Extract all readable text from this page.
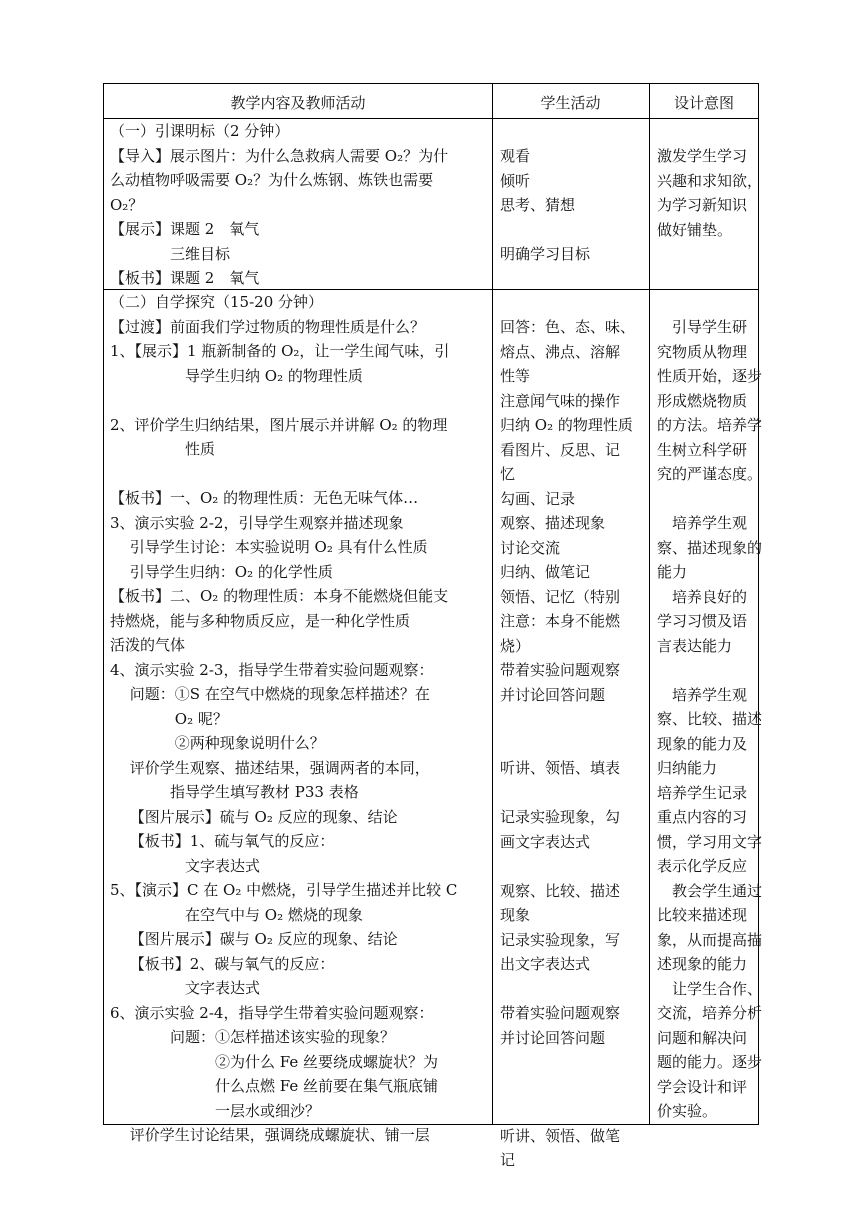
教学内容及教师活动	学生活动	设计意图
（一）引课明标（2 分钟）
【导入】展示图片：为什么急救病人需要 O₂？为什
么动植物呼吸需要 O₂？为什么炼钢、炼铁也需要
O₂？
【展示】课题 2　氧气
　　　　三维目标
【板书】课题 2　氧气
观看
倾听
思考、猜想
明确学习目标
激发学生学习
兴趣和求知欲，
为学习新知识
做好铺垫。
（二）自学探究（15-20 分钟）
【过渡】前面我们学过物质的物理性质是什么？
1、【展示】1 瓶新制备的 O₂，让一学生闻气味，引
　　　　　导学生归纳 O₂ 的物理性质
2、评价学生归纳结果，图片展示并讲解 O₂ 的物理
　　　　　性质
【板书】一、O₂ 的物理性质：无色无味气体…
3、演示实验 2-2，引导学生观察并描述现象
　 引导学生讨论：本实验说明 O₂ 具有什么性质
　 引导学生归纳：O₂ 的化学性质
【板书】二、O₂ 的物理性质：本身不能燃烧但能支
持燃烧，能与多种物质反应，是一种化学性质
活泼的气体
4、演示实验 2-3，指导学生带着实验问题观察：
　 问题：①S 在空气中燃烧的现象怎样描述？在
　　　　 O₂ 呢？
　　　　 ②两种现象说明什么？
　 评价学生观察、描述结果，强调两者的本同，
　　　　指导学生填写教材 P33 表格
　 【图片展示】硫与 O₂ 反应的现象、结论
　 【板书】1、硫与氧气的反应：
　　　　　文字表达式
5、【演示】C 在 O₂ 中燃烧，引导学生描述并比较 C
　　　　　在空气中与 O₂ 燃烧的现象
　 【图片展示】碳与 O₂ 反应的现象、结论
　 【板书】2、碳与氧气的反应：
　　　　　文字表达式
6、演示实验 2-4，指导学生带着实验问题观察：
　　　　问题：①怎样描述该实验的现象？
　　　　　　　②为什么 Fe 丝要绕成螺旋状？为
　　　　　　　什么点燃 Fe 丝前要在集气瓶底铺
　　　　　　　一层水或细沙？
　 评价学生讨论结果，强调绕成螺旋状、铺一层
回答：色、态、味、
熔点、沸点、溶解
性等
注意闻气味的操作
归纳 O₂ 的物理性质
看图片、反思、记
忆
勾画、记录
观察、描述现象
讨论交流
归纳、做笔记
领悟、记忆（特别
注意：本身不能燃
烧）
带着实验问题观察
并讨论回答问题
听讲、领悟、填表
记录实验现象，勾
画文字表达式
观察、比较、描述
现象
记录实验现象，写
出文字表达式
带着实验问题观察
并讨论回答问题
听讲、领悟、做笔
记
　引导学生研
究物质从物理
性质开始，逐步
形成燃烧物质
的方法。培养学
生树立科学研
究的严谨态度。
　培养学生观
察、描述现象的
能力
　培养良好的
学习习惯及语
言表达能力
　培养学生观
察、比较、描述
现象的能力及
归纳能力
培养学生记录
重点内容的习
惯，学习用文字
表示化学反应
　教会学生通过
比较来描述现
象，从而提高描
述现象的能力
　让学生合作、
交流，培养分析
问题和解决问
题的能力。逐步
学会设计和评
价实验。
